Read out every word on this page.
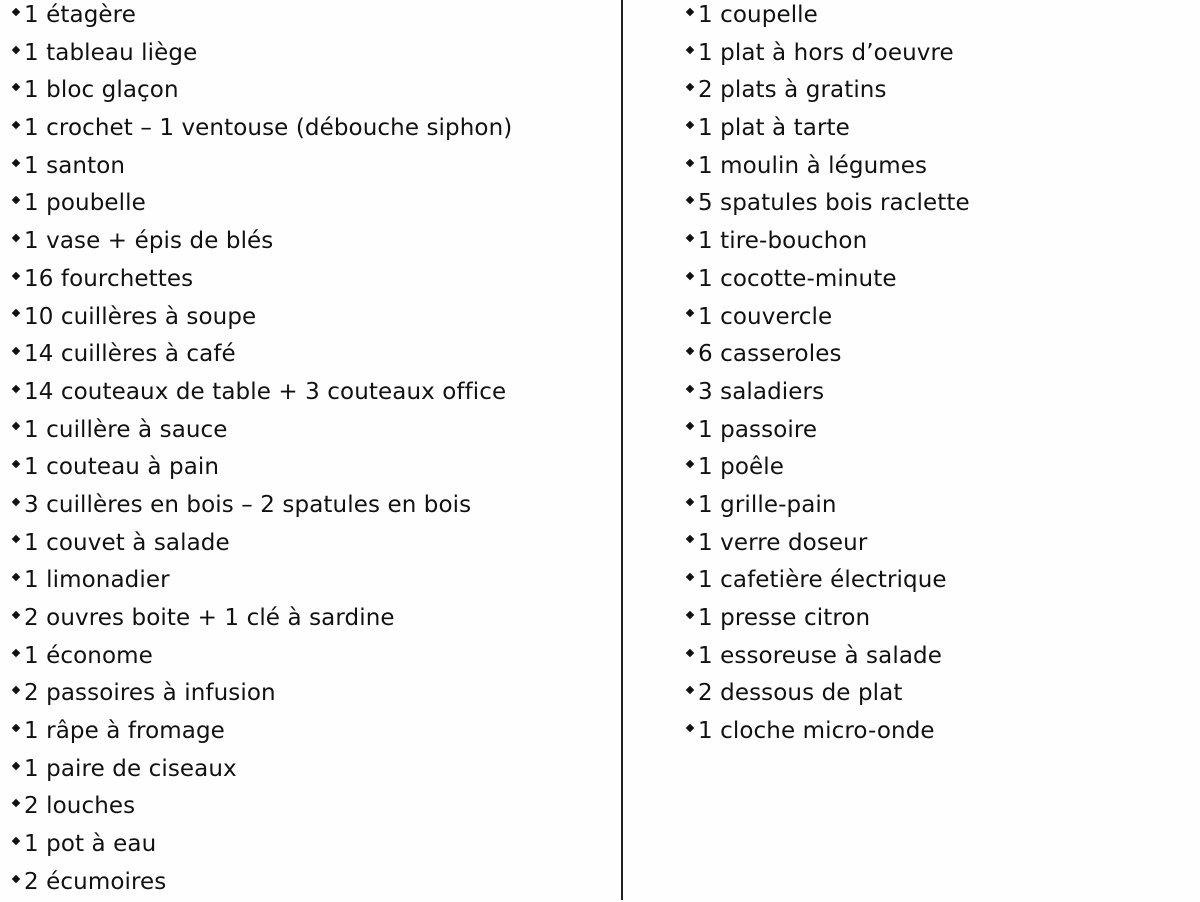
1 étagère
1 tableau liège
1 bloc glaçon
1 crochet – 1 ventouse (débouche siphon)
1 santon
1 poubelle
1 vase + épis de blés
16 fourchettes
10 cuillères à soupe
14 cuillères à café
14 couteaux de table + 3 couteaux office
1 cuillère à sauce
1 couteau à pain
3 cuillères en bois – 2 spatules en bois
1 couvet à salade
1 limonadier
2 ouvres boite + 1 clé à sardine
1 économe
2 passoires à infusion
1 râpe à fromage
1 paire de ciseaux
2 louches
1 pot à eau
2 écumoires
1 coupelle
1 plat à hors d’oeuvre
2 plats à gratins
1 plat à tarte
1 moulin à légumes
5 spatules bois raclette
1 tire-bouchon
1 cocotte-minute
1 couvercle
6 casseroles
3 saladiers
1 passoire
1 poêle
1 grille-pain
1 verre doseur
1 cafetière électrique
1 presse citron
1 essoreuse à salade
2 dessous de plat
1 cloche micro-onde
